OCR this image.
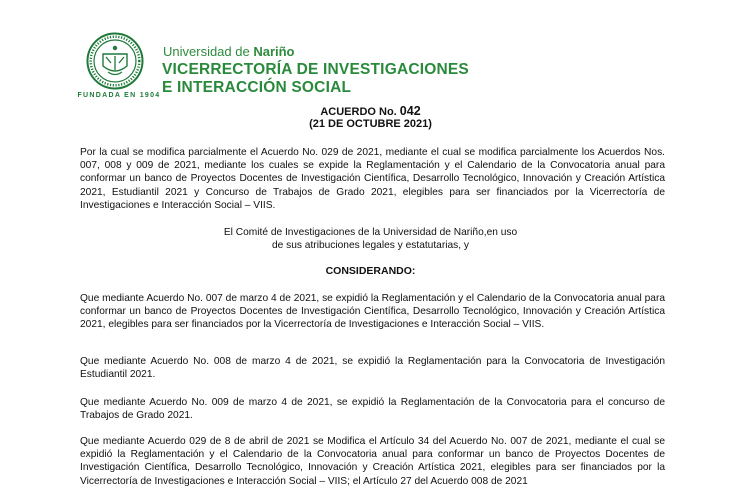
FUNDADA EN 1904
Universidad de Nariño
VICERRECTORÍA DE INVESTIGACIONES
E INTERACCIÓN SOCIAL
ACUERDO No. 042
(21 DE OCTUBRE 2021)
Por la cual se modifica parcialmente el Acuerdo No. 029 de 2021, mediante el cual se modifica parcialmente los Acuerdos Nos. 007, 008 y 009 de 2021, mediante los cuales se expide la Reglamentación y el Calendario de la Convocatoria anual para conformar un banco de Proyectos Docentes de Investigación Científica, Desarrollo Tecnológico, Innovación y Creación Artística 2021, Estudiantil 2021 y Concurso de Trabajos de Grado 2021, elegibles para ser financiados por la Vicerrectoría de Investigaciones e Interacción Social – VIIS.
El Comité de Investigaciones de la Universidad de Nariño,en uso
de sus atribuciones legales y estatutarias, y
CONSIDERANDO:
Que mediante Acuerdo No. 007 de marzo 4 de 2021, se expidió la Reglamentación y el Calendario de la Convocatoria anual para conformar un banco de Proyectos Docentes de Investigación Científica, Desarrollo Tecnológico, Innovación y Creación Artística 2021, elegibles para ser financiados por la Vicerrectoría de Investigaciones e Interacción Social – VIIS.
Que mediante Acuerdo No. 008 de marzo 4 de 2021, se expidió la Reglamentación para la Convocatoria de Investigación Estudiantil 2021.
Que mediante Acuerdo No. 009 de marzo 4 de 2021, se expidió la Reglamentación de la Convocatoria para el concurso de Trabajos de Grado 2021.
Que mediante Acuerdo 029 de 8 de abril de 2021 se Modifica el Artículo 34 del Acuerdo No. 007 de 2021, mediante el cual se expidió la Reglamentación y el Calendario de la Convocatoria anual para conformar un banco de Proyectos Docentes de Investigación Científica, Desarrollo Tecnológico, Innovación y Creación Artística 2021, elegibles para ser financiados por la Vicerrectoría de Investigaciones e Interacción Social – VIIS; el Artículo 27 del Acuerdo 008 de 2021
